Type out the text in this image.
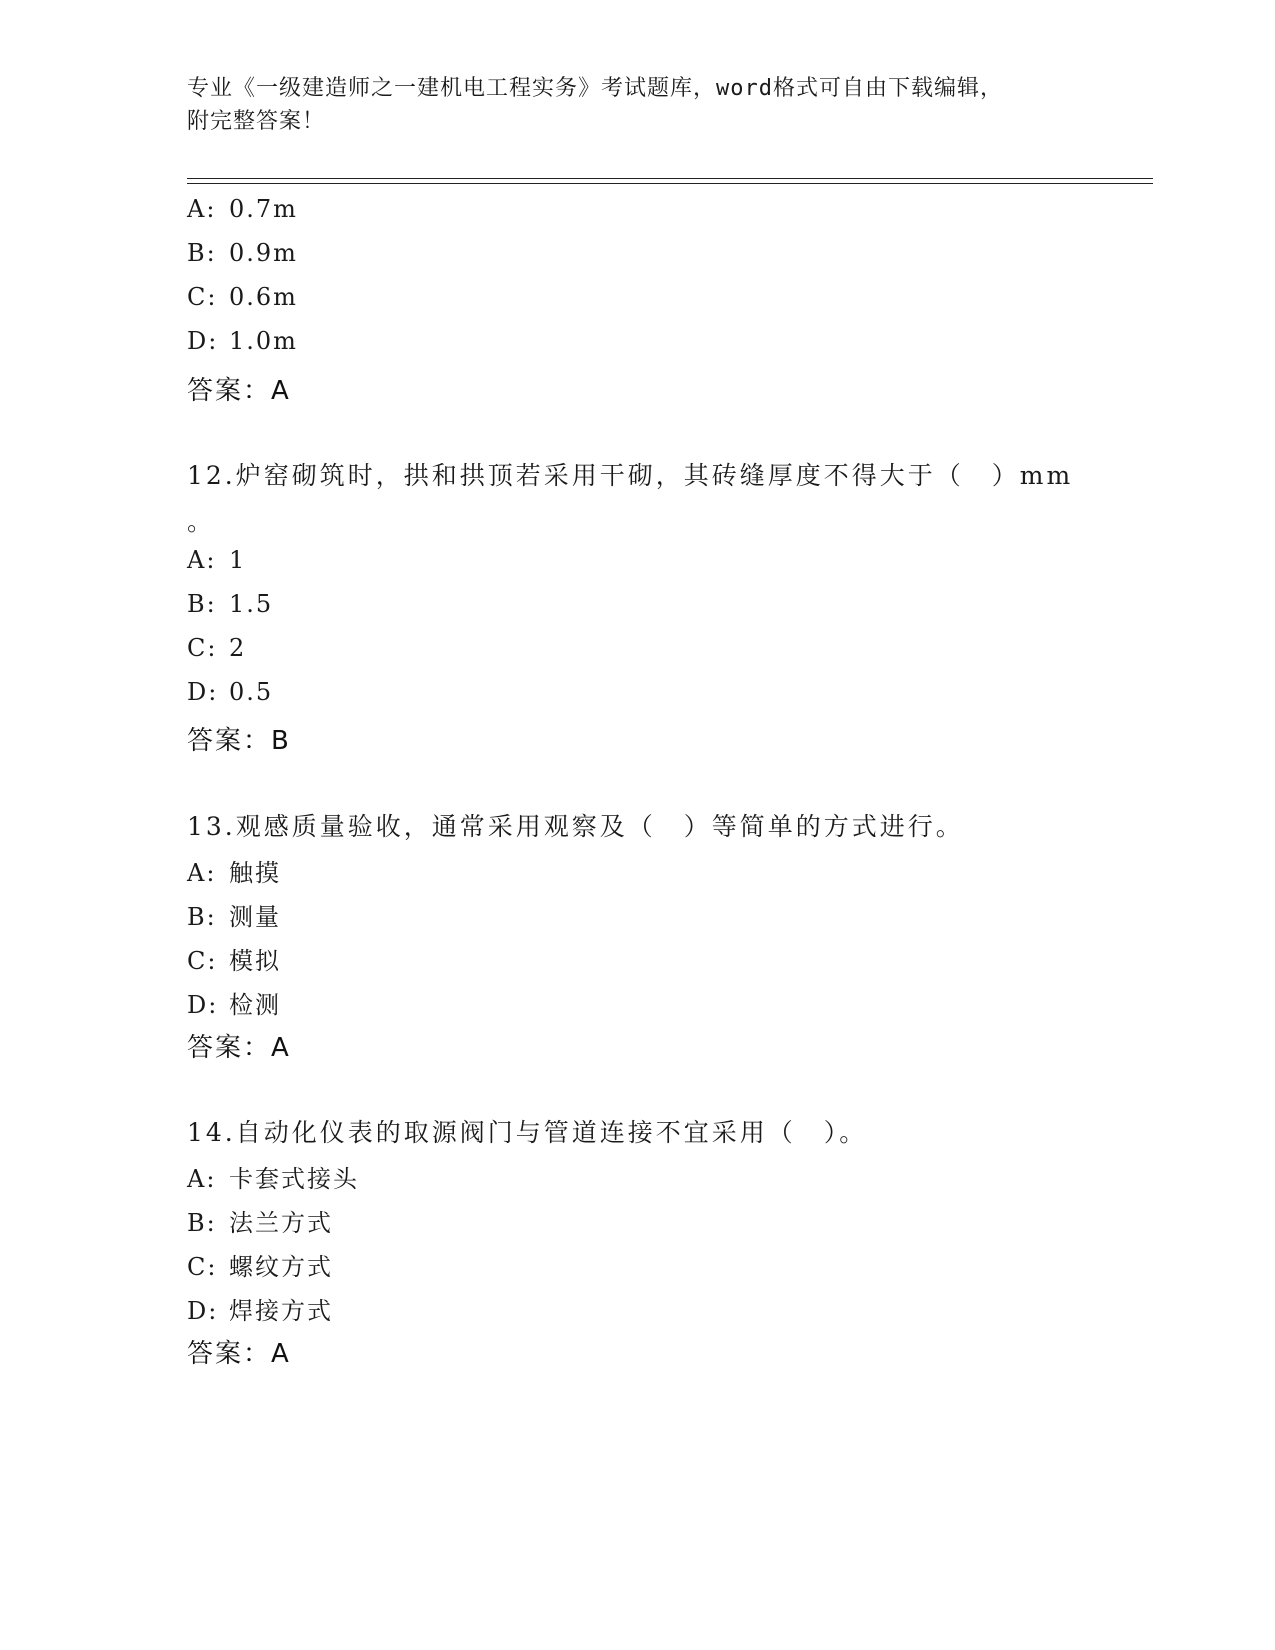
专业《一级建造师之一建机电工程实务》考试题库，word格式可自由下载编辑，
附完整答案！
A: 0.7m
B: 0.9m
C: 0.6m
D: 1.0m
答案：A
12.炉窑砌筑时，拱和拱顶若采用干砌，其砖缝厚度不得大于（　）mm
。
A: 1
B: 1.5
C: 2
D: 0.5
答案：B
13.观感质量验收，通常采用观察及（　）等简单的方式进行。
A: 触摸
B: 测量
C: 模拟
D: 检测
答案：A
14.自动化仪表的取源阀门与管道连接不宜采用（　）。
A: 卡套式接头
B: 法兰方式
C: 螺纹方式
D: 焊接方式
答案：A
